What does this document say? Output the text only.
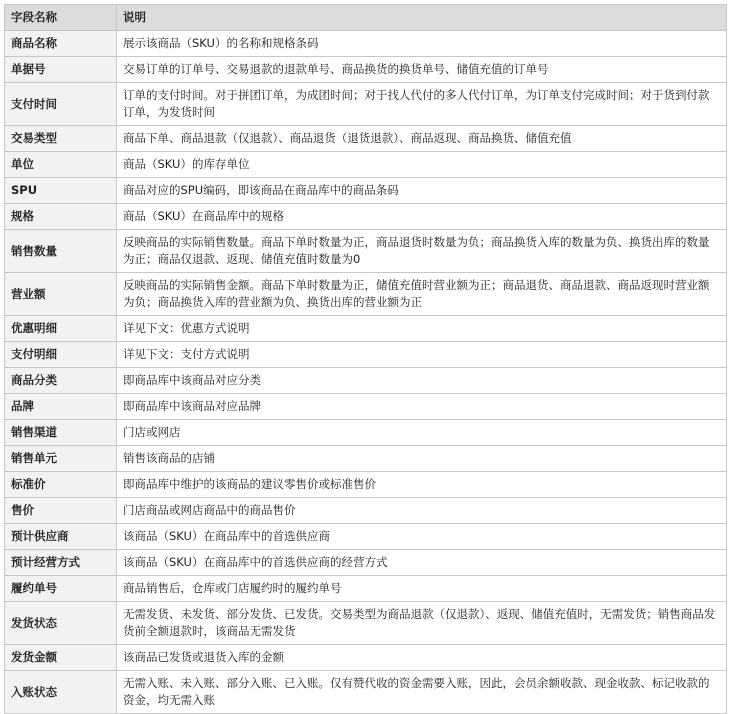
字段名称	说明
商品名称	展示该商品（SKU）的名称和规格条码
单据号	交易订单的订单号、交易退款的退款单号、商品换货的换货单号、储值充值的订单号
支付时间	订单的支付时间。对于拼团订单，为成团时间；对于找人代付的多人代付订单，为订单支付完成时间；对于货到付款订单，为发货时间
交易类型	商品下单、商品退款（仅退款）、商品退货（退货退款）、商品返现、商品换货、储值充值
单位	商品（SKU）的库存单位
SPU	商品对应的SPU编码，即该商品在商品库中的商品条码
规格	商品（SKU）在商品库中的规格
销售数量	反映商品的实际销售数量。商品下单时数量为正，商品退货时数量为负；商品换货入库的数量为负、换货出库的数量为正；商品仅退款、返现、储值充值时数量为0
营业额	反映商品的实际销售金额。商品下单时数量为正，储值充值时营业额为正；商品退货、商品退款、商品返现时营业额为负；商品换货入库的营业额为负、换货出库的营业额为正
优惠明细	详见下文：优惠方式说明
支付明细	详见下文：支付方式说明
商品分类	即商品库中该商品对应分类
品牌	即商品库中该商品对应品牌
销售渠道	门店或网店
销售单元	销售该商品的店铺
标准价	即商品库中维护的该商品的建议零售价或标准售价
售价	门店商品或网店商品中的商品售价
预计供应商	该商品（SKU）在商品库中的首选供应商
预计经营方式	该商品（SKU）在商品库中的首选供应商的经营方式
履约单号	商品销售后，仓库或门店履约时的履约单号
发货状态	无需发货、未发货、部分发货、已发货。交易类型为商品退款（仅退款）、返现、储值充值时，无需发货；销售商品发货前全额退款时，该商品无需发货
发货金额	该商品已发货或退货入库的金额
入账状态	无需入账、未入账、部分入账、已入账。仅有赞代收的资金需要入账，因此，会员余额收款、现金收款、标记收款的资金，均无需入账
